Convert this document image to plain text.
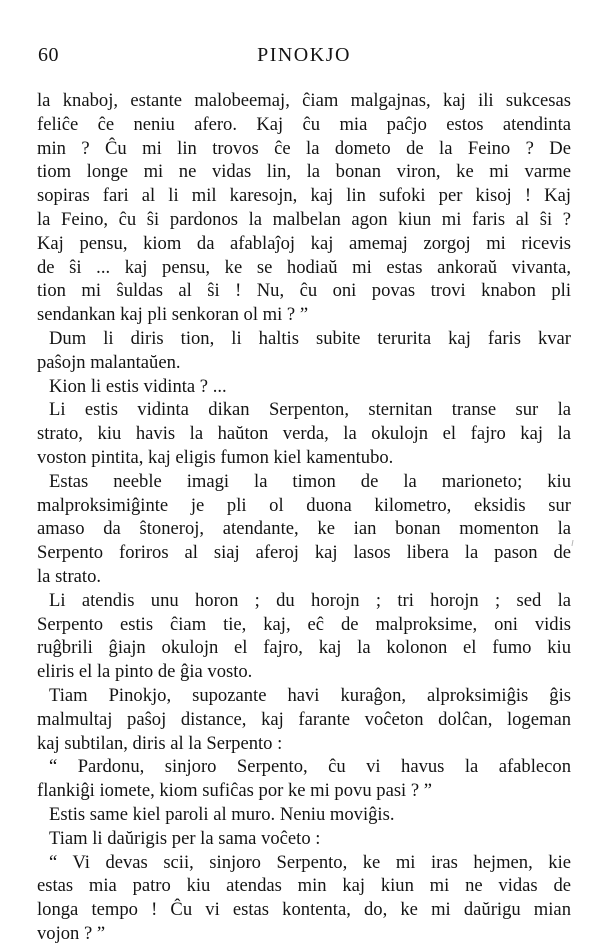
60	PINOKJO
la knaboj, estante malobeemaj, ĉiam malgajnas, kaj ili sukcesas
feliĉe ĉe neniu afero. Kaj ĉu mia paĉjo estos atendinta
min ? Ĉu mi lin trovos ĉe la dometo de la Feino ? De
tiom longe mi ne vidas lin, la bonan viron, ke mi varme
sopiras fari al li mil karesojn, kaj lin sufoki per kisoj ! Kaj
la Feino, ĉu ŝi pardonos la malbelan agon kiun mi faris al ŝi ?
Kaj pensu, kiom da afablaĵoj kaj amemaj zorgoj mi ricevis
de ŝi ... kaj pensu, ke se hodiaŭ mi estas ankoraŭ vivanta,
tion mi ŝuldas al ŝi ! Nu, ĉu oni povas trovi knabon pli
sendankan kaj pli senkoran ol mi ? ”
Dum li diris tion, li haltis subite terurita kaj faris kvar
paŝojn malantaŭen.
Kion li estis vidinta ? ...
Li estis vidinta dikan Serpenton, sternitan transe sur la
strato, kiu havis la haŭton verda, la okulojn el fajro kaj la
voston pintita, kaj eligis fumon kiel kamentubo.
Estas neeble imagi la timon de la marioneto; kiu
malproksimiĝinte je pli ol duona kilometro, eksidis sur
amaso da ŝtoneroj, atendante, ke ian bonan momenton la
Serpento foriros al siaj aferoj kaj lasos libera la pason de
la strato.
Li atendis unu horon ; du horojn ; tri horojn ; sed la
Serpento estis ĉiam tie, kaj, eĉ de malproksime, oni vidis
ruĝbrili ĝiajn okulojn el fajro, kaj la kolonon el fumo kiu
eliris el la pinto de ĝia vosto.
Tiam Pinokjo, supozante havi kuraĝon, alproksimiĝis ĝis
malmultaj paŝoj distance, kaj farante voĉeton dolĉan, logeman
kaj subtilan, diris al la Serpento :
“ Pardonu, sinjoro Serpento, ĉu vi havus la afablecon
flankiĝi iomete, kiom sufiĉas por ke mi povu pasi ? ”
Estis same kiel paroli al muro. Neniu moviĝis.
Tiam li daŭrigis per la sama voĉeto :
“ Vi devas scii, sinjoro Serpento, ke mi iras hejmen, kie
estas mia patro kiu atendas min kaj kiun mi ne vidas de
longa tempo ! Ĉu vi estas kontenta, do, ke mi daŭrigu mian
vojon ? ”
